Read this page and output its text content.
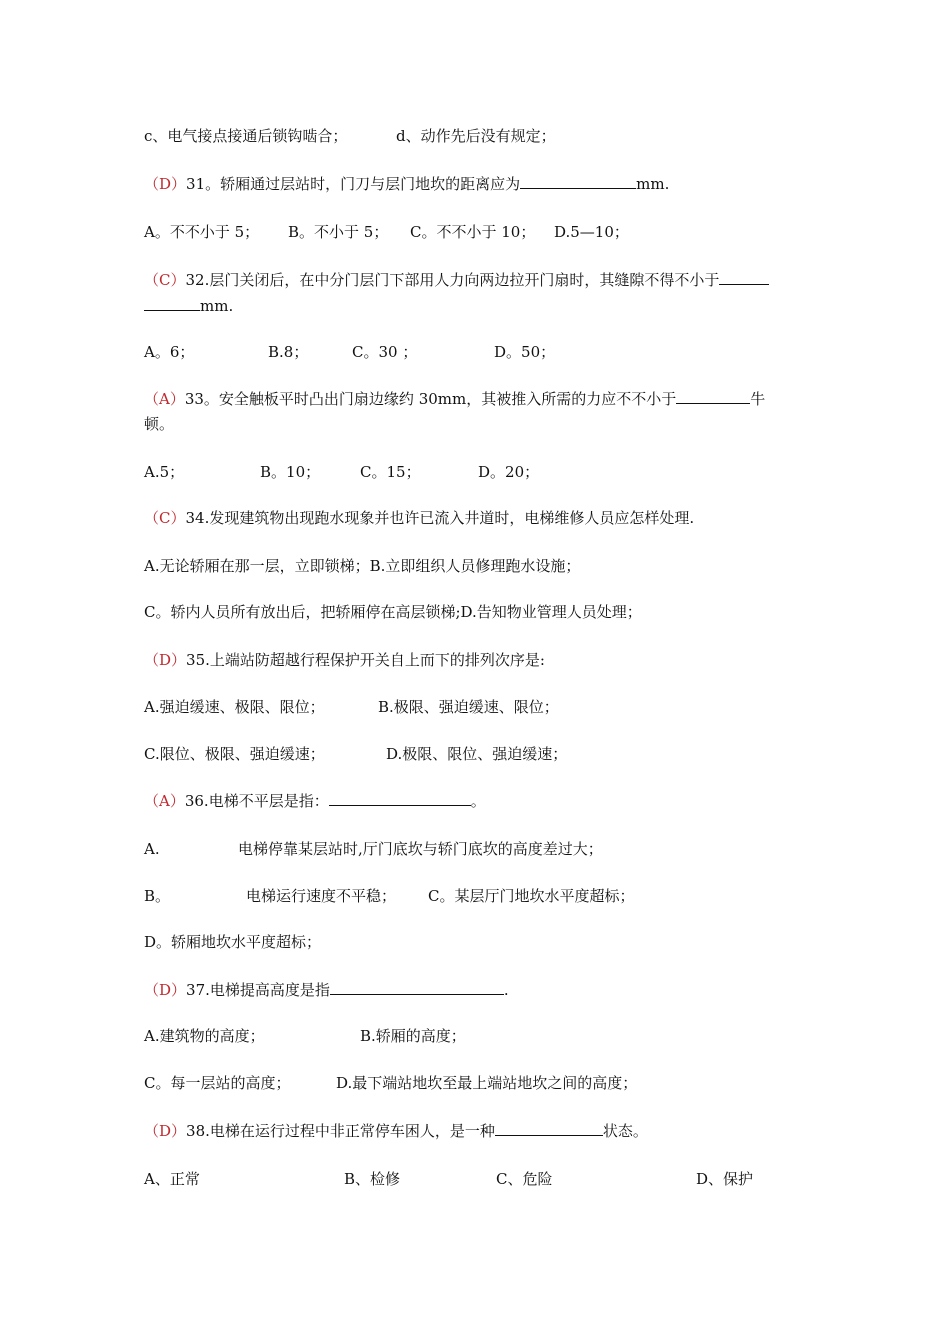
c、电气接点接通后锁钩啮合；	d、动作先后没有规定；
（D）31。轿厢通过层站时，门刀与层门地坎的距离应为	mm.
A。不不小于 5； B。不小于 5； C。不不小于 10； D.5—10；
（C）32.层门关闭后，在中分门层门下部用人力向两边拉开门扇时，其缝隙不得不小于
mm.
A。6；	B.8；	C。30 ；	D。50；
（A）33。安全触板平时凸出门扇边缘约 30mm，其被推入所需的力应不不小于	牛
顿。
A.5；	B。10；	C。15；	D。20；
（C）34.发现建筑物出现跑水现象并也许已流入井道时，电梯维修人员应怎样处理.
A.无论轿厢在那一层，立即锁梯；B.立即组织人员修理跑水设施；
C。轿内人员所有放出后，把轿厢停在高层锁梯;D.告知物业管理人员处理；
（D）35.上端站防超越行程保护开关自上而下的排列次序是:
A.强迫缓速、极限、限位；	B.极限、强迫缓速、限位；
C.限位、极限、强迫缓速；	D.极限、限位、强迫缓速；
（A）36.电梯不平层是指：	。
A.	电梯停靠某层站时,厅门底坎与轿门底坎的高度差过大；
B。	电梯运行速度不平稳； C。某层厅门地坎水平度超标；
D。轿厢地坎水平度超标；
（D）37.电梯提高高度是指	.
A.建筑物的高度；	B.轿厢的高度；
C。每一层站的高度；	D.最下端站地坎至最上端站地坎之间的高度；
（D）38.电梯在运行过程中非正常停车困人，是一种	状态。
A、正常	B、检修	C、危险	D、保护
